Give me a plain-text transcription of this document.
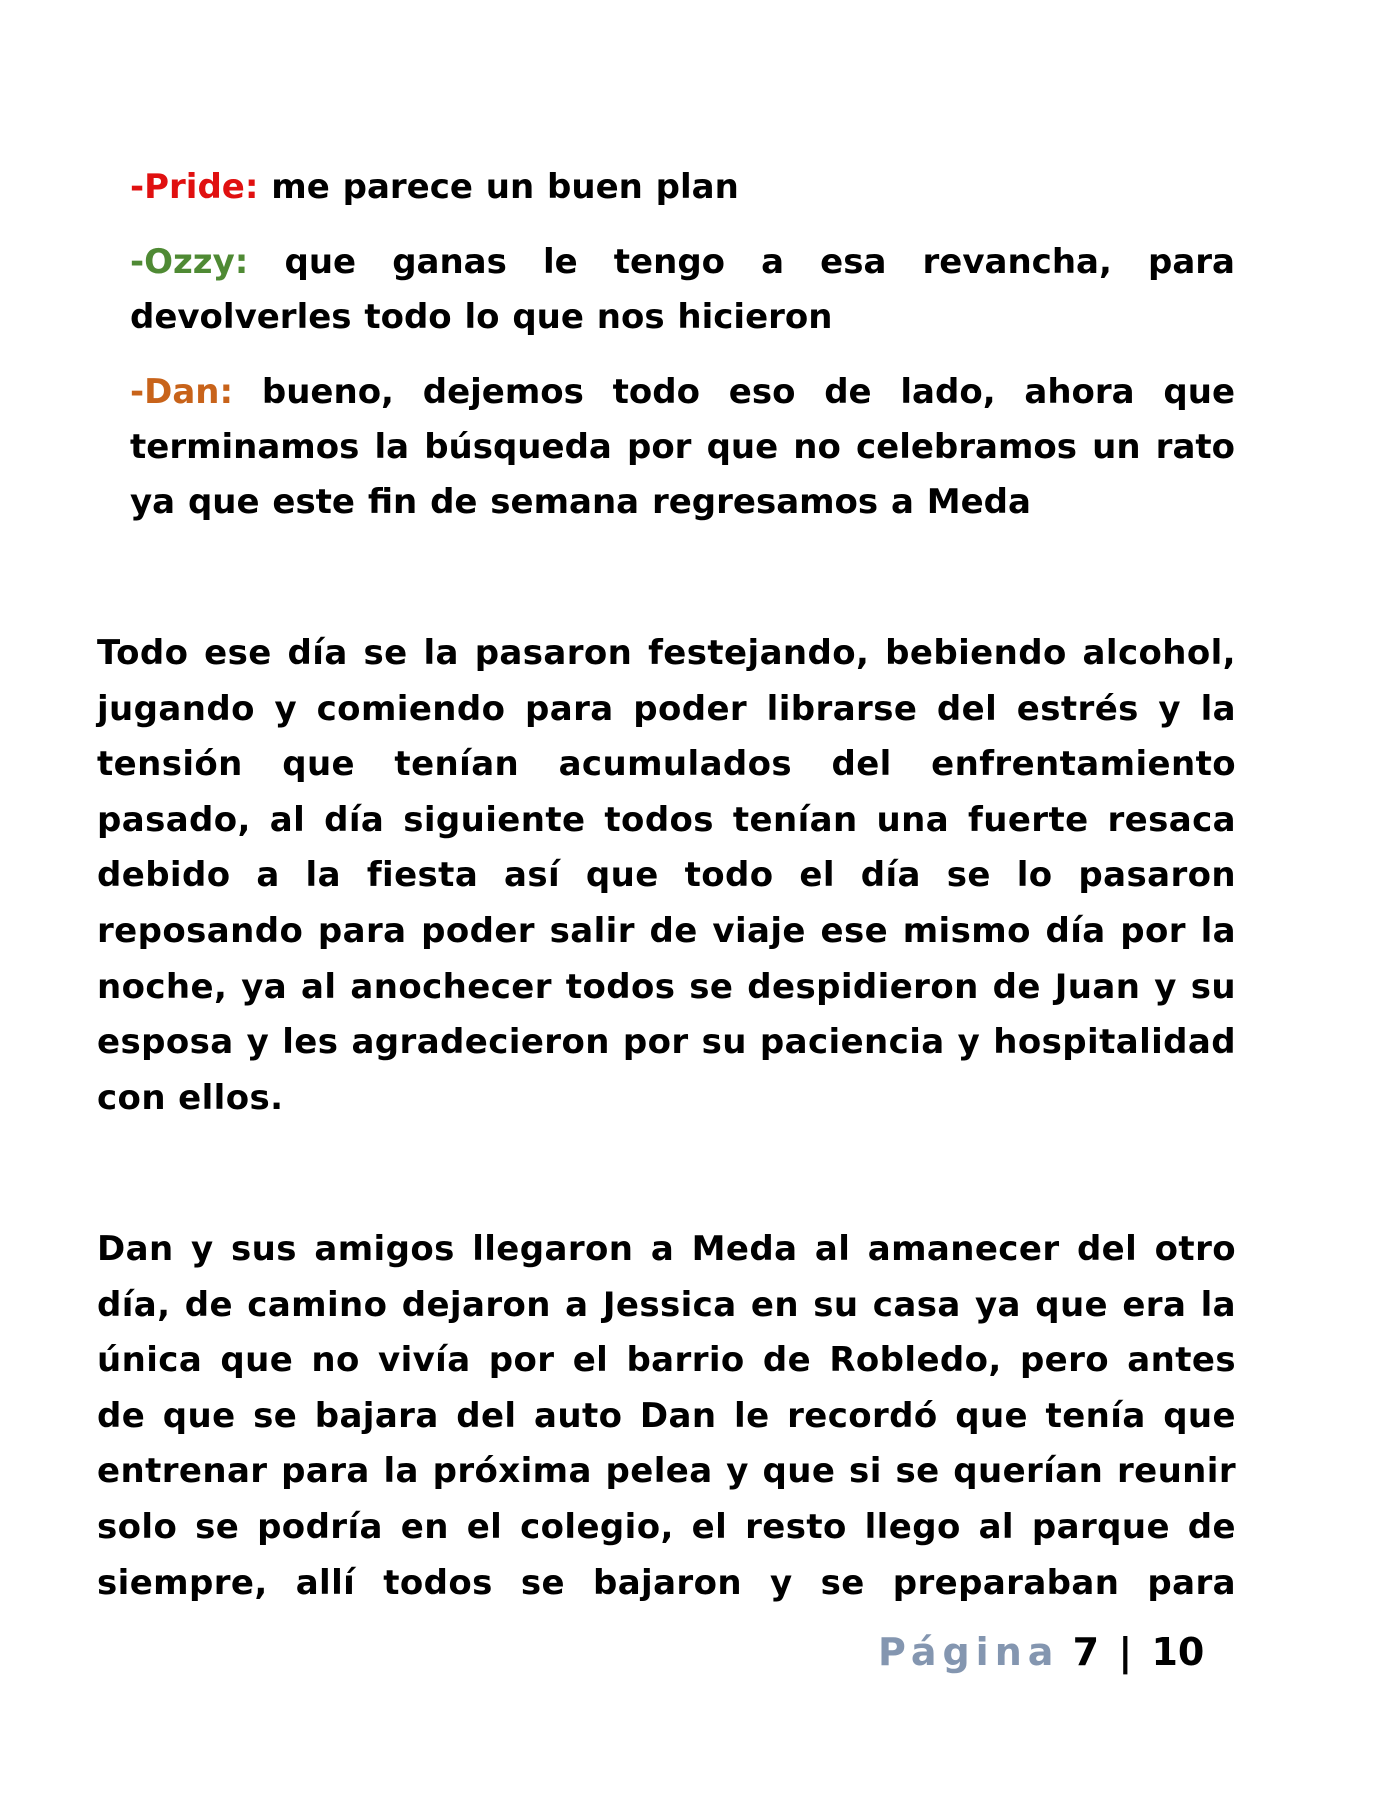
-Pride: me parece un buen plan
-Ozzy: que ganas le tengo a esa revancha, para devolverles todo lo que nos hicieron
-Dan: bueno, dejemos todo eso de lado, ahora que terminamos la búsqueda por que no celebramos un rato ya que este fin de semana regresamos a Meda
Todo ese día se la pasaron festejando, bebiendo alcohol, jugando y comiendo para poder librarse del estrés y la tensión que tenían acumulados del enfrentamiento pasado, al día siguiente todos tenían una fuerte resaca debido a la fiesta así que todo el día se lo pasaron reposando para poder salir de viaje ese mismo día por la noche, ya al anochecer todos se despidieron de Juan y su esposa y les agradecieron por su paciencia y hospitalidad con ellos.
Dan y sus amigos llegaron a Meda al amanecer del otro día, de camino dejaron a Jessica en su casa ya que era la única que no vivía por el barrio de Robledo, pero antes de que se bajara del auto Dan le recordó que tenía que entrenar para la próxima pelea y que si se querían reunir solo se podría en el colegio, el resto llego al parque de siempre, allí todos se bajaron y se preparaban para
Página 7 | 10
